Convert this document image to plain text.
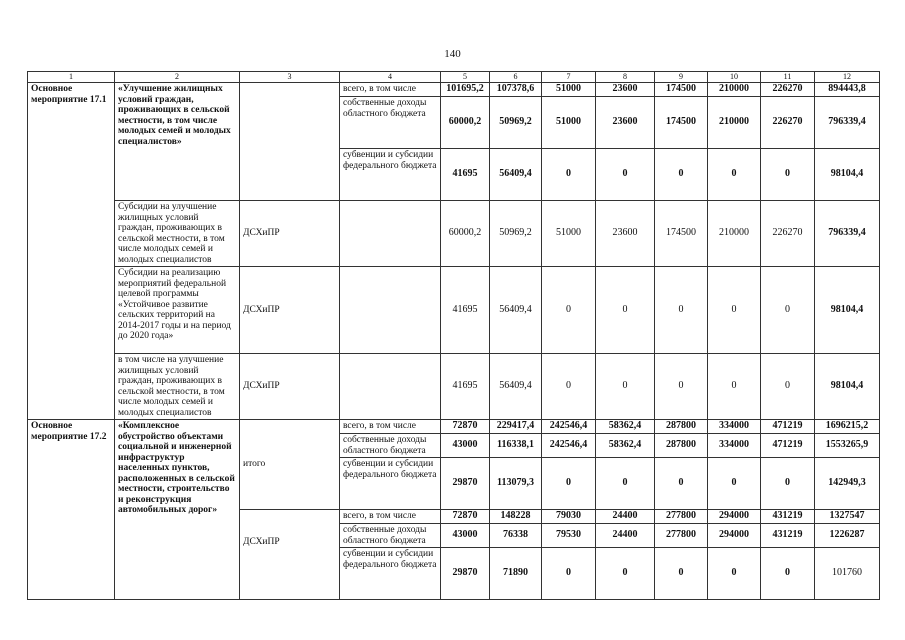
140
1	2	3	4	5	6	7	8	9	10	11	12
Основное мероприятие 17.1	«Улучшение жилищных условий граждан, проживающих в сельской местности, в том числе молодых семей и молодых специалистов»		всего, в том числе	101695,2	107378,6	51000	23600	174500	210000	226270	894443,8
			собственные доходы областного бюджета	60000,2	50969,2	51000	23600	174500	210000	226270	796339,4
			субвенции и субсидии федерального бюджета	41695	56409,4	0	0	0	0	0	98104,4
	Субсидии на улучшение жилищных условий граждан, проживающих в сельской местности, в том числе молодых семей и молодых специалистов	ДСХиПР		60000,2	50969,2	51000	23600	174500	210000	226270	796339,4
	Субсидии на реализацию мероприятий федеральной целевой программы «Устойчивое развитие сельских территорий на 2014-2017 годы и на период до 2020 года»	ДСХиПР		41695	56409,4	0	0	0	0	0	98104,4
	в том числе на улучшение жилищных условий граждан, проживающих в сельской местности, в том числе молодых семей и молодых специалистов	ДСХиПР		41695	56409,4	0	0	0	0	0	98104,4
Основное мероприятие 17.2	«Комплексное обустройство объектами социальной и инженерной инфраструктур населенных пунктов, расположенных в сельской местности, строительство и реконструкция автомобильных дорог»	итого	всего, в том числе	72870	229417,4	242546,4	58362,4	287800	334000	471219	1696215,2
			собственные доходы областного бюджета	43000	116338,1	242546,4	58362,4	287800	334000	471219	1553265,9
			субвенции и субсидии федерального бюджета	29870	113079,3	0	0	0	0	0	142949,3

		ДСХиПР	всего, в том числе	72870	148228	79030	24400	277800	294000	431219	1327547
			собственные доходы областного бюджета	43000	76338	79530	24400	277800	294000	431219	1226287
			субвенции и субсидии федерального бюджета	29870	71890	0	0	0	0	0	101760
